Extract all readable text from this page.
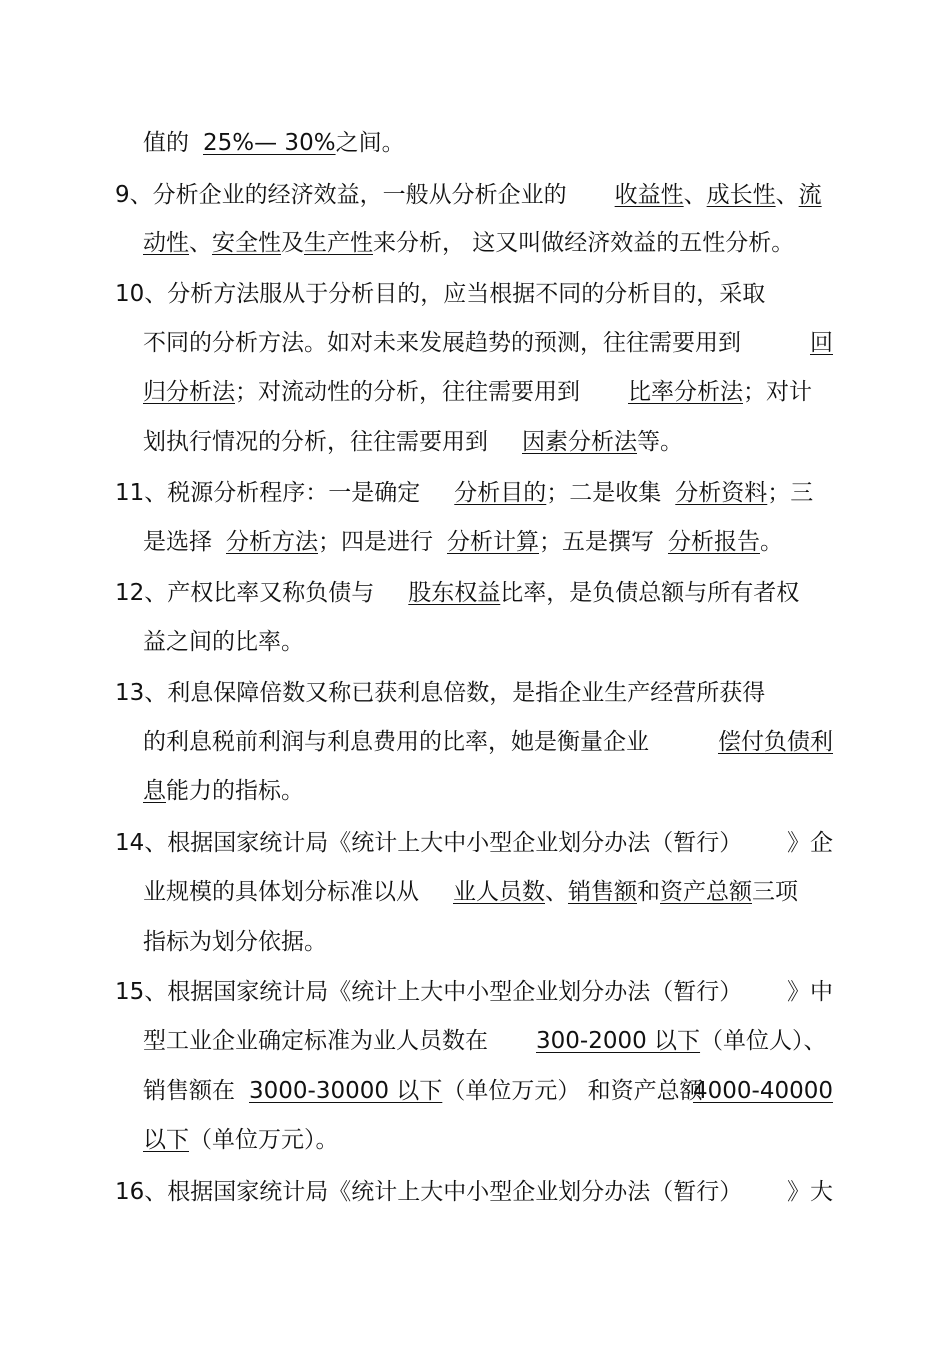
值的 25%— 30%之间。
9、分析企业的经济效益，一般从分析企业的 收益性、成长性、流
动性、安全性及生产性来分析， 这又叫做经济效益的五性分析。
10、分析方法服从于分析目的，应当根据不同的分析目的，采取
不同的分析方法。如对未来发展趋势的预测，往往需要用到	回
归分析法；对流动性的分析，往往需要用到 比率分析法；对计
划执行情况的分析，往往需要用到 因素分析法等。
11、税源分析程序：一是确定 分析目的；二是收集 分析资料；三
是选择 分析方法；四是进行 分析计算；五是撰写 分析报告。
12、产权比率又称负债与 股东权益比率，是负债总额与所有者权
益之间的比率。
13、利息保障倍数又称已获利息倍数，是指企业生产经营所获得
的利息税前利润与利息费用的比率，她是衡量企业	偿付负债利
息能力的指标。
14、根据国家统计局《统计上大中小型企业划分办法（暂行） 》企
业规模的具体划分标准以从 业人员数、销售额和资产总额三项
指标为划分依据。
15、根据国家统计局《统计上大中小型企业划分办法（暂行） 》中
型工业企业确定标准为业人员数在 300-2000 以下（单位人）、
销售额在 3000-30000 以下（单位万元） 和资产总额
4000-40000
以下（单位万元）。
16、根据国家统计局《统计上大中小型企业划分办法（暂行） 》大
